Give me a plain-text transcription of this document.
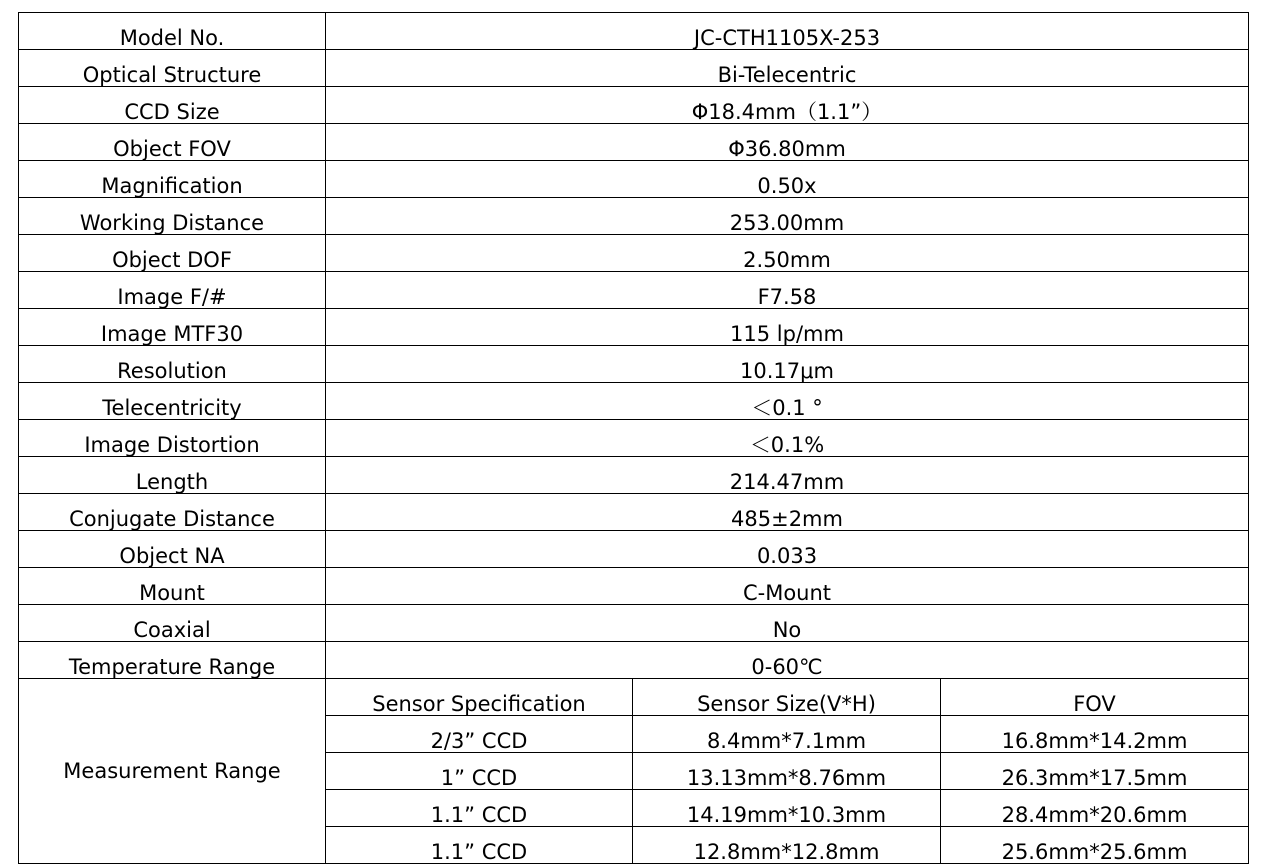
Model No.	JC-CTH1105X-253		
Optical Structure	Bi-Telecentric		
CCD Size	Φ18.4mm（1.1”）		
Object FOV	Φ36.80mm		
Magnification	0.50x		
Working Distance	253.00mm		
Object DOF	2.50mm		
Image F/#	F7.58		
Image MTF30	115 lp/mm		
Resolution	10.17μm		
Telecentricity	＜0.1 °		
Image Distortion	＜0.1%		
Length	214.47mm		
Conjugate Distance	485±2mm		
Object NA	0.033		
Mount	C-Mount		
Coaxial	No		
Temperature Range	0-60℃		
Measurement Range	Sensor Specification	Sensor Size(V*H)	FOV
	2/3” CCD	8.4mm*7.1mm	16.8mm*14.2mm
	1” CCD	13.13mm*8.76mm	26.3mm*17.5mm
	1.1” CCD	14.19mm*10.3mm	28.4mm*20.6mm
	1.1” CCD	12.8mm*12.8mm	25.6mm*25.6mm
